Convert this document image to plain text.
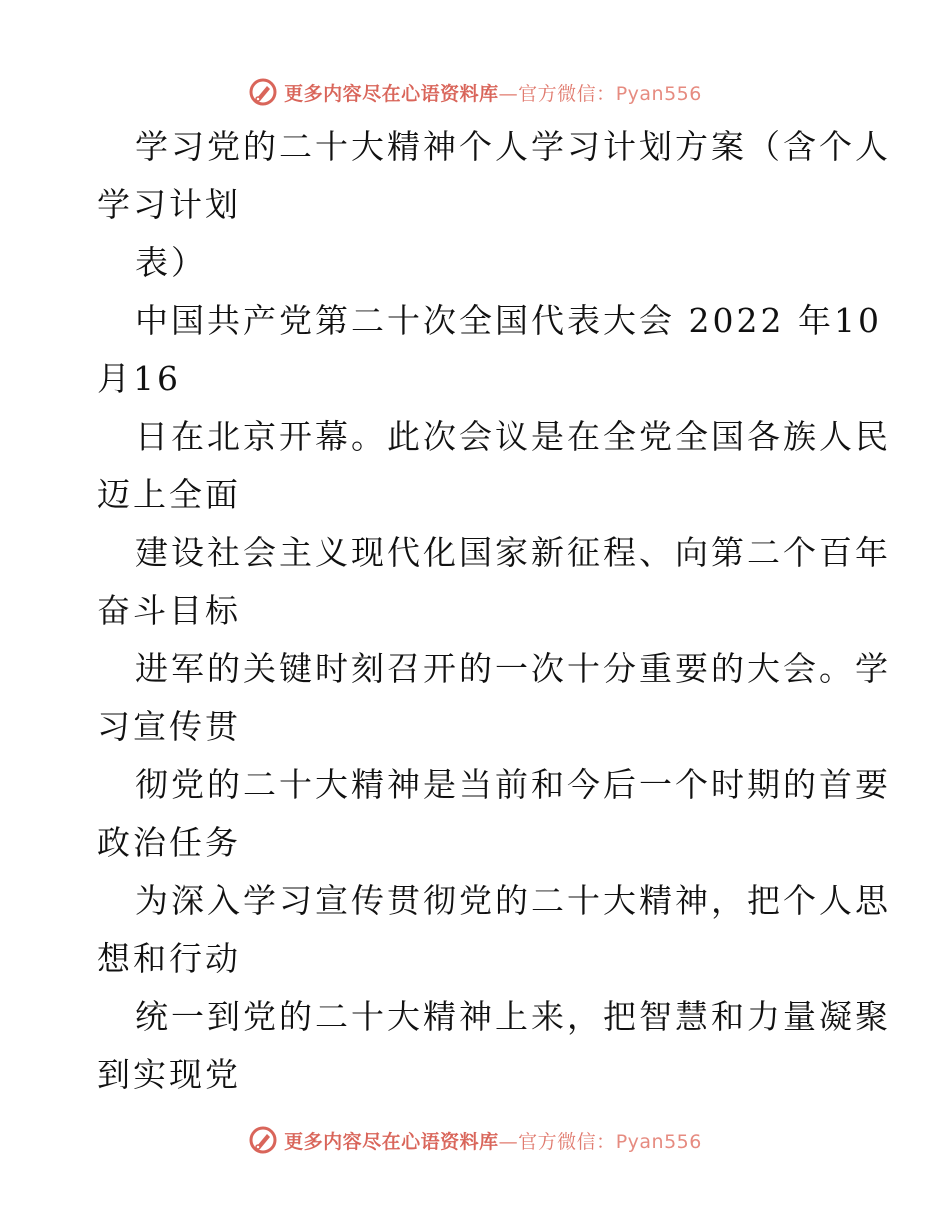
更多内容尽在心语资料库—官方微信：Pyan556
学习党的二十大精神个人学习计划方案（含个人
学习计划
表）
中国共产党第二十次全国代表大会 2022 年10
月16
日在北京开幕。此次会议是在全党全国各族人民
迈上全面
建设社会主义现代化国家新征程、向第二个百年
奋斗目标
进军的关键时刻召开的一次十分重要的大会。学
习宣传贯
彻党的二十大精神是当前和今后一个时期的首要
政治任务
为深入学习宣传贯彻党的二十大精神，把个人思
想和行动
统一到党的二十大精神上来，把智慧和力量凝聚
到实现党
更多内容尽在心语资料库—官方微信：Pyan556
